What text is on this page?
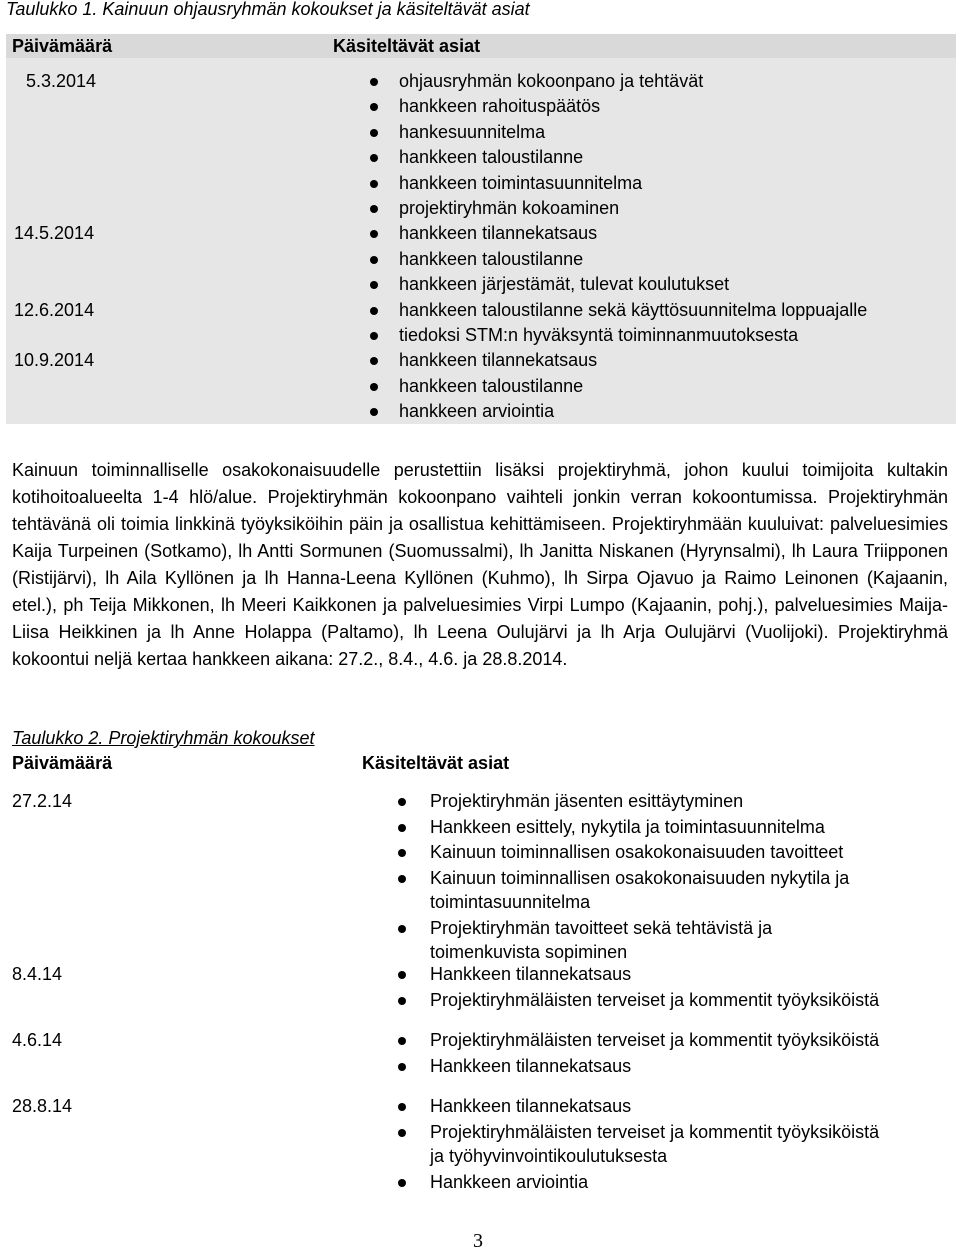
Taulukko 1. Kainuun ohjausryhmän kokoukset ja käsiteltävät asiat
Päivämäärä	Käsiteltävät asiat
5.3.2014	ohjausryhmän kokoonpano ja tehtävät
hankkeen rahoituspäätös
hankesuunnitelma
hankkeen taloustilanne
hankkeen toimintasuunnitelma
projektiryhmän kokoaminen
14.5.2014	hankkeen tilannekatsaus
hankkeen taloustilanne
hankkeen järjestämät, tulevat koulutukset
12.6.2014	hankkeen taloustilanne sekä käyttösuunnitelma loppuajalle
tiedoksi STM:n hyväksyntä toiminnanmuutoksesta
10.9.2014	hankkeen tilannekatsaus
hankkeen taloustilanne
hankkeen arviointia
Kainuun toiminnalliselle osakokonaisuudelle perustettiin lisäksi projektiryhmä, johon kuului toimijoita kultakin kotihoitoalueelta 1-4 hlö/alue. Projektiryhmän kokoonpano vaihteli jonkin verran kokoontumissa. Projektiryhmän tehtävänä oli toimia linkkinä työyksiköihin päin ja osallistua kehittämiseen. Projektiryhmään kuuluivat: palveluesimies Kaija Turpeinen (Sotkamo), lh Antti Sormunen (Suomussalmi), lh Janitta Niskanen (Hyrynsalmi), lh Laura Triipponen (Ristijärvi), lh Aila Kyllönen ja lh Hanna-Leena Kyllönen (Kuhmo), lh Sirpa Ojavuo ja Raimo Leinonen (Kajaanin, etel.), ph Teija Mikkonen, lh Meeri Kaikkonen ja palveluesimies Virpi Lumpo (Kajaanin, pohj.), palveluesimies Maija-Liisa Heikkinen ja lh Anne Holappa (Paltamo), lh Leena Oulujärvi ja lh Arja Oulujärvi (Vuolijoki). Projektiryhmä kokoontui neljä kertaa hankkeen aikana: 27.2., 8.4., 4.6. ja 28.8.2014.
Taulukko 2. Projektiryhmän kokoukset
Päivämäärä	Käsiteltävät asiat
27.2.14	Projektiryhmän jäsenten esittäytyminen
Hankkeen esittely, nykytila ja toimintasuunnitelma
Kainuun toiminnallisen osakokonaisuuden tavoitteet
Kainuun toiminnallisen osakokonaisuuden nykytila ja
toimintasuunnitelma
Projektiryhmän tavoitteet sekä tehtävistä ja
toimenkuvista sopiminen
8.4.14	Hankkeen tilannekatsaus
Projektiryhmäläisten terveiset ja kommentit työyksiköistä
4.6.14	Projektiryhmäläisten terveiset ja kommentit työyksiköistä
Hankkeen tilannekatsaus
28.8.14	Hankkeen tilannekatsaus
Projektiryhmäläisten terveiset ja kommentit työyksiköistä
ja työhyvinvointikoulutuksesta
Hankkeen arviointia
3
